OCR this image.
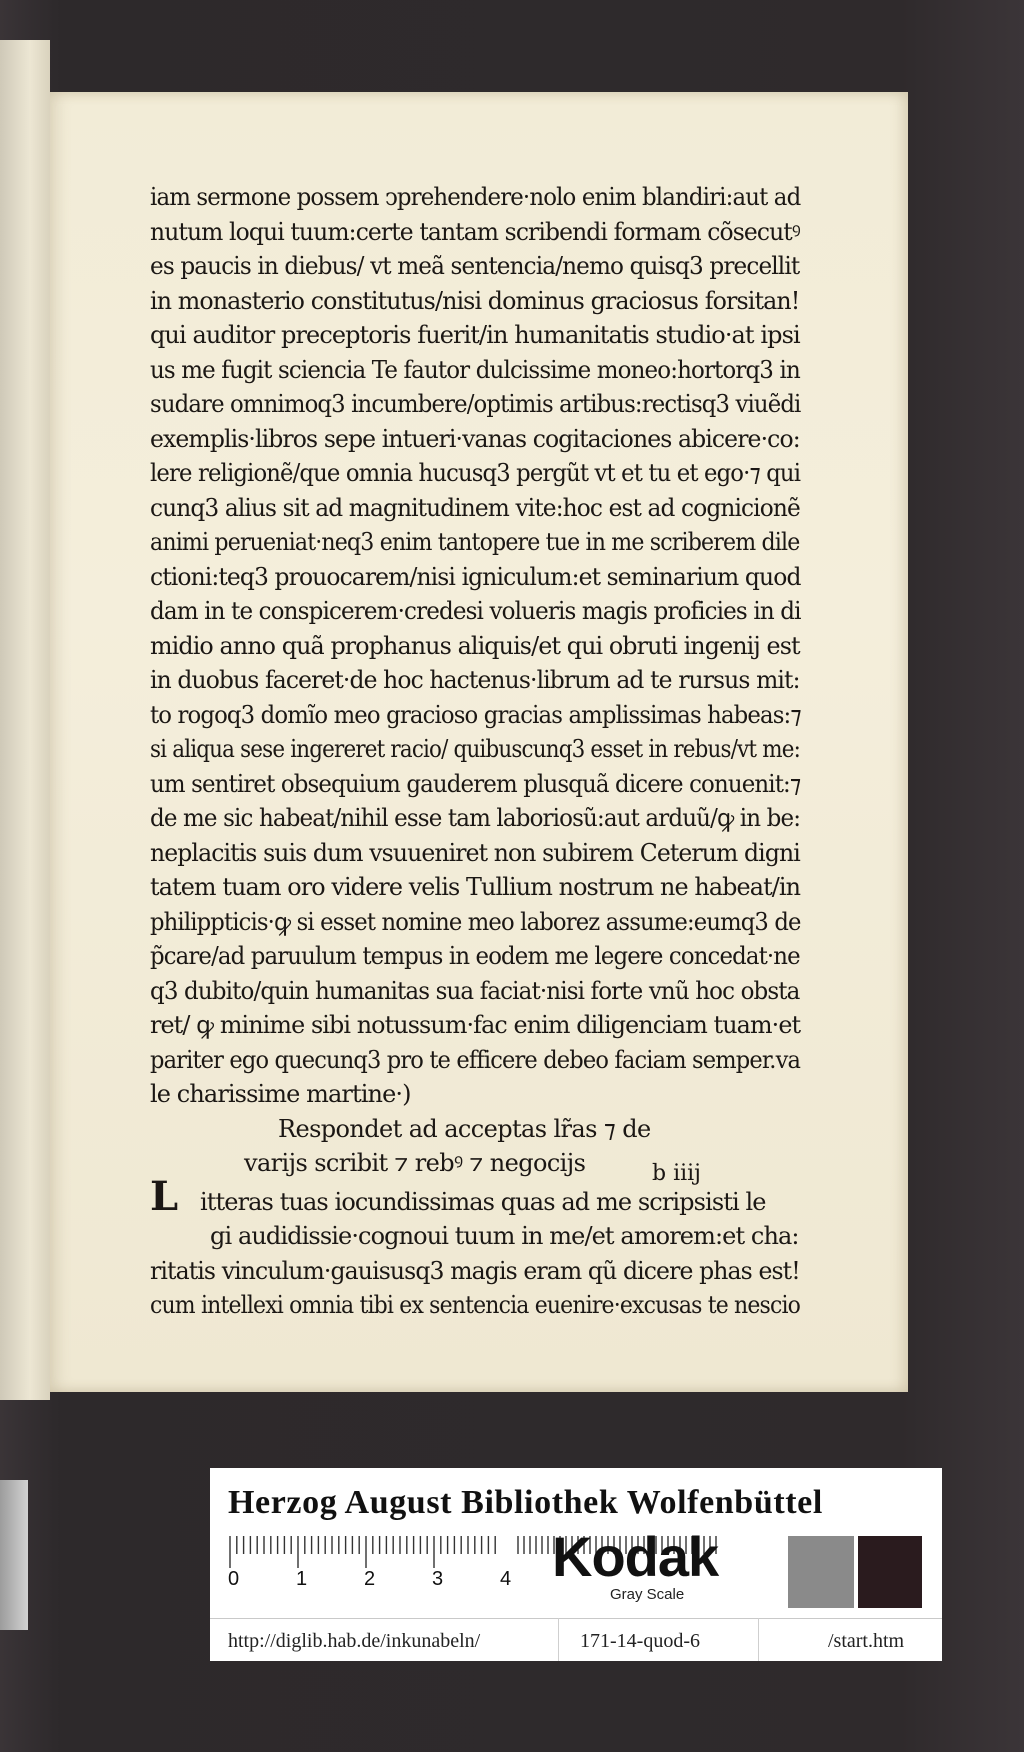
iam sermone possem ↄprehendere·nolo enim blandiri:aut ad
nutum loqui tuum:certe tantam scribendi formam cõsecutꝰ
es paucis in diebus/ vt meã sentencia/nemo quisq3 precellit
in monasterio constitutus/nisi dominus graciosus forsitan!
qui auditor preceptoris fuerit/in humanitatis studio·at ipsi
us me fugit sciencia Te fautor dulcissime moneo:hortorq3 in
sudare omnimoq3 incumbere/optimis artibus:rectisq3 viuẽdi
exemplis·libros sepe intueri·vanas cogitaciones abicere·co:
lere religionẽ/que omnia hucusq3 pergũt vt et tu et ego·⁊ qui
cunq3 alius sit ad magnitudinem vite:hoc est ad cognicionẽ
animi perueniat·neq3 enim tantopere tue in me scriberem dile
ctioni:teq3 prouocarem/nisi igniculum:et seminarium quod
dam in te conspicerem·credesi volueris magis proficies in di
midio anno quã prophanus aliquis/et qui obruti ingenij est
in duobus faceret·de hoc hactenus·librum ad te rursus mit:
to rogoq3 domĩo meo gracioso gracias amplissimas habeas:⁊
si aliqua sese ingereret racio/ quibuscunq3 esset in rebus/vt me:
um sentiret obsequium gauderem plusquã dicere conuenit:⁊
de me sic habeat/nihil esse tam laboriosũ:aut arduũ/ꝙ in be:
neplacitis suis dum vsuueniret non subirem Ceterum digni
tatem tuam oro videre velis Tullium nostrum ne habeat/in
philippticis·ꝙ si esset nomine meo laborez assume:eumq3 de
p̃care/ad paruulum tempus in eodem me legere concedat·ne
q3 dubito/quin humanitas sua faciat·nisi forte vnũ hoc obsta
ret/ ꝙ minime sibi notussum·fac enim diligenciam tuam·et
pariter ego quecunq3 pro te efficere debeo faciam semper.va
le charissime martine·)
Respondet ad acceptas lr̃as ⁊ de
varijs scribit ⁊ rebꝰ ⁊ negocijs
Litteras tuas iocundissimas quas ad me scripsisti le
gi audidissie·cognoui tuum in me/et amorem:et cha:
ritatis vinculum·gauisusq3 magis eram qũ dicere phas est!
cum intellexi omnia tibi ex sentencia euenire·excusas te nescio
b iiij
Herzog August Bibliothek Wolfenbüttel
0	1	2	3	4 Kodak
Gray Scale
http://diglib.hab.de/inkunabeln/	171-14-quod-6	/start.htm
